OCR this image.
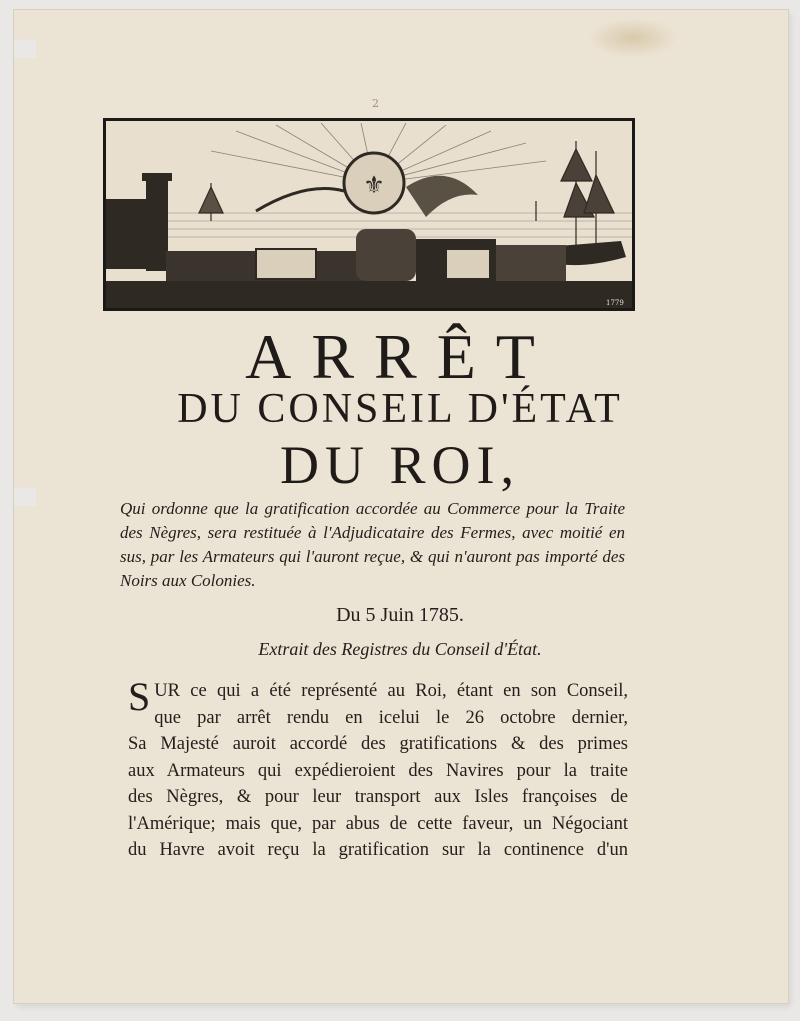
2
⚜
1779
ARRÊT
DU CONSEIL D'ÉTAT
DU ROI,

Qui ordonne que la gratification accordée au Commerce pour la Traite des Nègres, sera restituée à l'Adjudicataire des Fermes, avec moitié en sus, par les Armateurs qui l'auront reçue, & qui n'auront pas importé des Noirs aux Colonies.

Du 5 Juin 1785.

Extrait des Registres du Conseil d'État.

S UR ce qui a été représenté au Roi, étant en son Conseil,
que par arrêt rendu en icelui le 26 octobre dernier,
Sa Majesté auroit accordé des gratifications & des primes
aux Armateurs qui expédieroient des Navires pour la traite
des Nègres, & pour leur transport aux Isles françoises de
l'Amérique; mais que, par abus de cette faveur, un Négociant
du Havre avoit reçu la gratification sur la continence d'un
